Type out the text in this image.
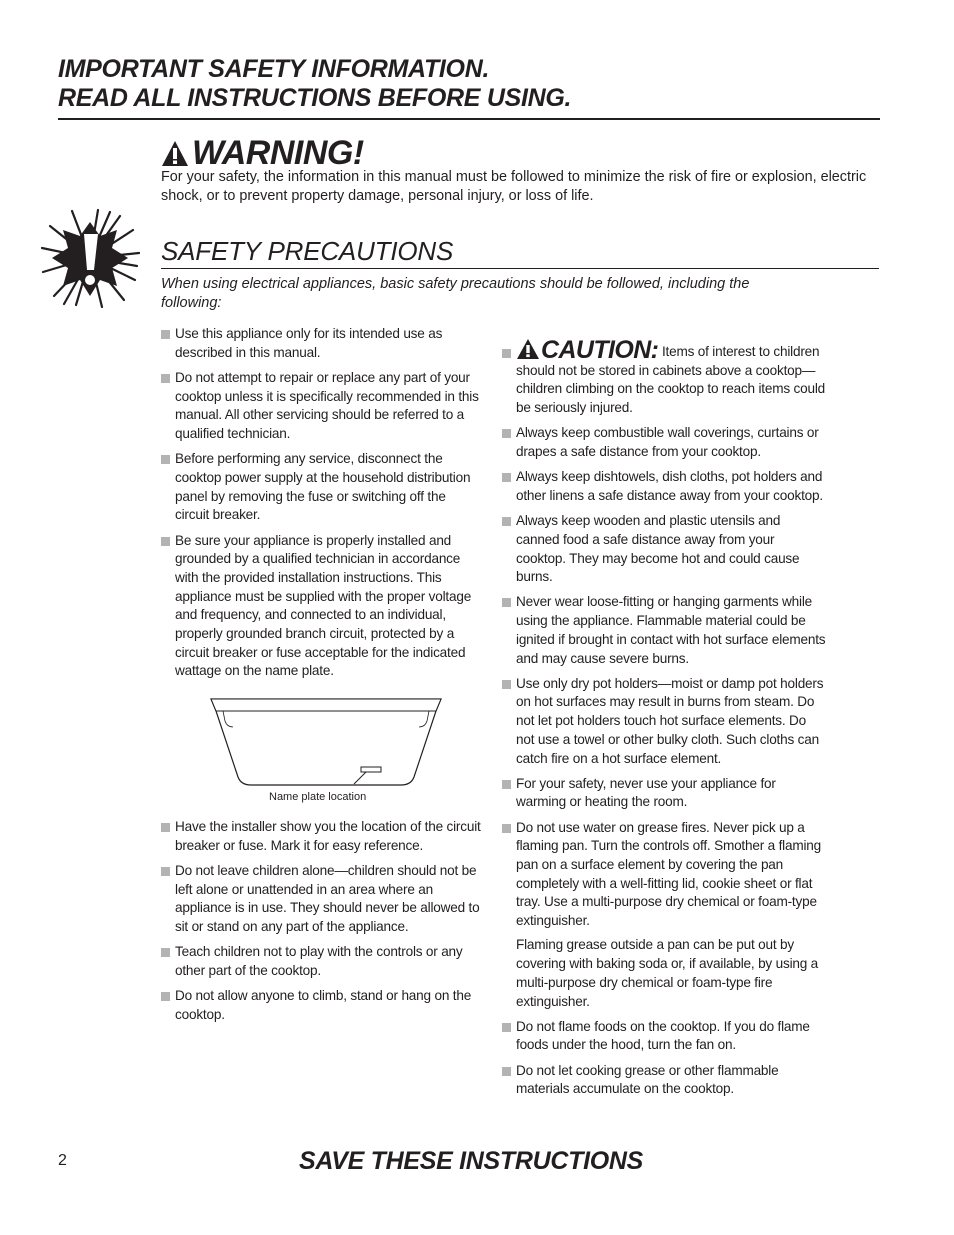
IMPORTANT SAFETY INFORMATION.
READ ALL INSTRUCTIONS BEFORE USING.
WARNING!
For your safety, the information in this manual must be followed to minimize the risk of fire or explosion, electric shock, or to prevent property damage, personal injury, or loss of life.
SAFETY PRECAUTIONS
When using electrical appliances, basic safety precautions should be followed, including the following:
Use this appliance only for its intended use as described in this manual.
Do not attempt to repair or replace any part of your cooktop unless it is specifically recommended in this manual. All other servicing should be referred to a qualified technician.
Before performing any service, disconnect the cooktop power supply at the household distribution panel by removing the fuse or switching off the circuit breaker.
Be sure your appliance is properly installed and grounded by a qualified technician in accordance with the provided installation instructions. This appliance must be supplied with the proper voltage and frequency, and connected to an individual, properly grounded branch circuit, protected by a circuit breaker or fuse acceptable for the indicated wattage on the name plate.
Name plate location
Have the installer show you the location of the circuit breaker or fuse. Mark it for easy reference.
Do not leave children alone—children should not be left alone or unattended in an area where an appliance is in use. They should never be allowed to sit or stand on any part of the appliance.
Teach children not to play with the controls or any other part of the cooktop.
Do not allow anyone to climb, stand or hang on the cooktop.
CAUTION: Items of interest to children should not be stored in cabinets above a cooktop—children climbing on the cooktop to reach items could be seriously injured.
Always keep combustible wall coverings, curtains or drapes a safe distance from your cooktop.
Always keep dishtowels, dish cloths, pot holders and other linens a safe distance away from your cooktop.
Always keep wooden and plastic utensils and canned food a safe distance away from your cooktop. They may become hot and could cause burns.
Never wear loose-fitting or hanging garments while using the appliance. Flammable material could be ignited if brought in contact with hot surface elements and may cause severe burns.
Use only dry pot holders—moist or damp pot holders on hot surfaces may result in burns from steam. Do not let pot holders touch hot surface elements. Do not use a towel or other bulky cloth. Such cloths can catch fire on a hot surface element.
For your safety, never use your appliance for warming or heating the room.
Do not use water on grease fires. Never pick up a flaming pan. Turn the controls off. Smother a flaming pan on a surface element by covering the pan completely with a well-fitting lid, cookie sheet or flat tray. Use a multi-purpose dry chemical or foam-type extinguisher.
Flaming grease outside a pan can be put out by covering with baking soda or, if available, by using a multi-purpose dry chemical or foam-type fire extinguisher.
Do not flame foods on the cooktop. If you do flame foods under the hood, turn the fan on.
Do not let cooking grease or other flammable materials accumulate on the cooktop.
2	SAVE THESE INSTRUCTIONS
